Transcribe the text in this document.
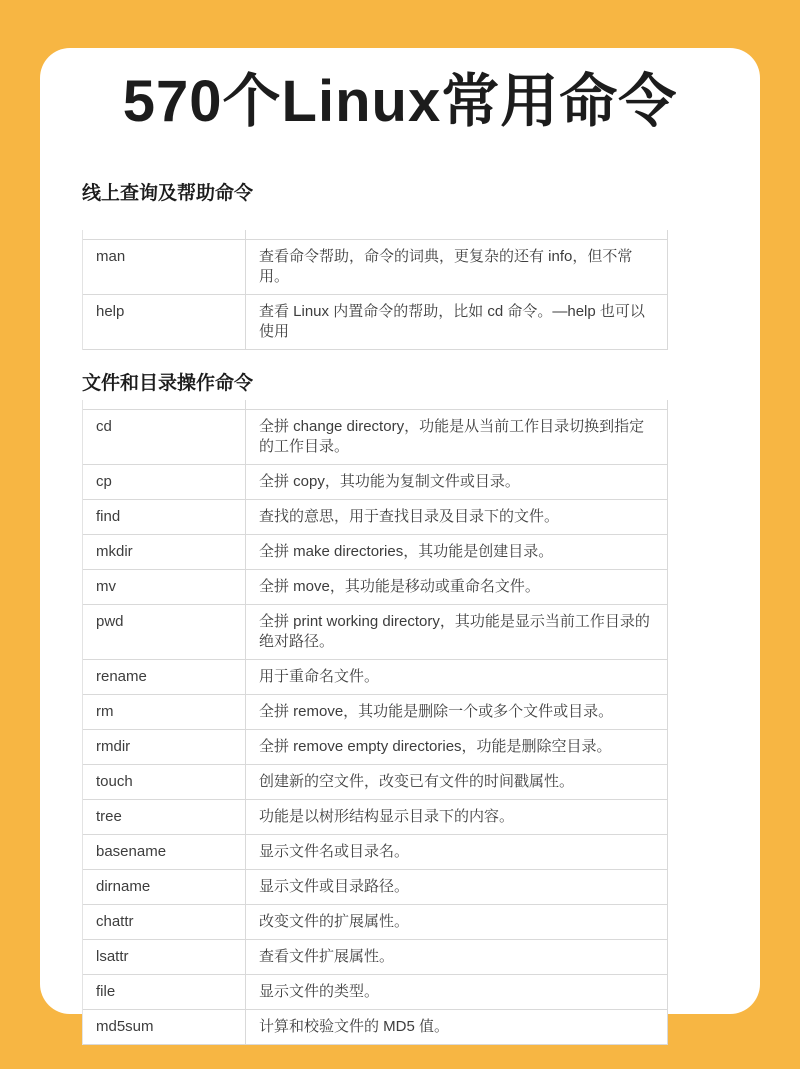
570个Linux常用命令
线上查询及帮助命令
man	查看命令帮助，命令的词典，更复杂的还有 info，但不常用。
help	查看 Linux 内置命令的帮助，比如 cd 命令。—help 也可以使用
文件和目录操作命令
cd	全拼 change directory，功能是从当前工作目录切换到指定的工作目录。
cp	全拼 copy，其功能为复制文件或目录。
find	查找的意思，用于查找目录及目录下的文件。
mkdir	全拼 make directories，其功能是创建目录。
mv	全拼 move，其功能是移动或重命名文件。
pwd	全拼 print working directory，其功能是显示当前工作目录的绝对路径。
rename	用于重命名文件。
rm	全拼 remove，其功能是删除一个或多个文件或目录。
rmdir	全拼 remove empty directories，功能是删除空目录。
touch	创建新的空文件，改变已有文件的时间戳属性。
tree	功能是以树形结构显示目录下的内容。
basename	显示文件名或目录名。
dirname	显示文件或目录路径。
chattr	改变文件的扩展属性。
lsattr	查看文件扩展属性。
file	显示文件的类型。
md5sum	计算和校验文件的 MD5 值。
